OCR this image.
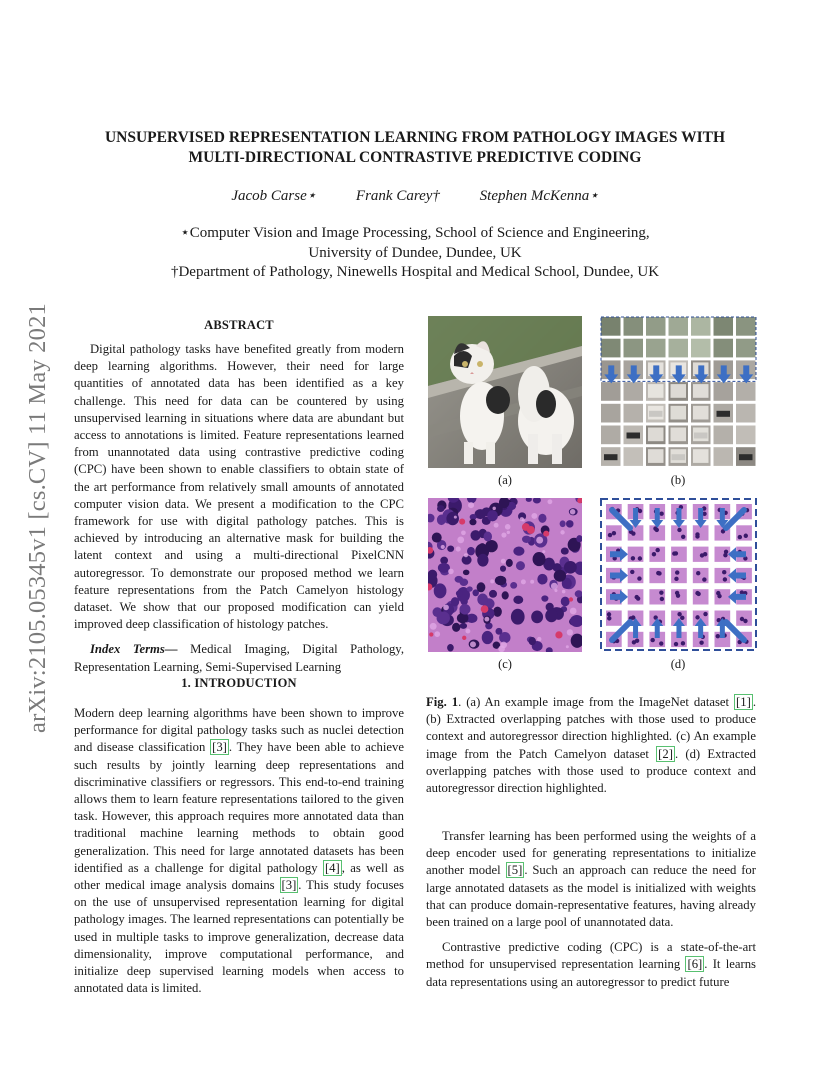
arXiv:2105.05345v1 [cs.CV] 11 May 2021
UNSUPERVISED REPRESENTATION LEARNING FROM PATHOLOGY IMAGES WITH
MULTI-DIRECTIONAL CONTRASTIVE PREDICTIVE CODING
Jacob Carse⋆	Frank Carey†	Stephen McKenna⋆
⋆Computer Vision and Image Processing, School of Science and Engineering,
University of Dundee, Dundee, UK
†Department of Pathology, Ninewells Hospital and Medical School, Dundee, UK
ABSTRACT

Digital pathology tasks have benefited greatly from modern deep learning algorithms. However, their need for large quantities of annotated data has been identified as a key challenge. This need for data can be countered by using unsupervised learning in situations where data are abundant but access to annotations is limited. Feature representations learned from unannotated data using contrastive predictive coding (CPC) have been shown to enable classifiers to obtain state of the art performance from relatively small amounts of annotated computer vision data. We present a modification to the CPC framework for use with digital pathology patches. This is achieved by introducing an alternative mask for building the latent context and using a multi-directional PixelCNN autoregressor. To demonstrate our proposed method we learn feature representations from the Patch Camelyon histology dataset. We show that our proposed modification can yield improved deep classification of histology patches.

Index Terms— Medical Imaging, Digital Pathology, Representation Learning, Semi-Supervised Learning

1. INTRODUCTION

Modern deep learning algorithms have been shown to improve performance for digital pathology tasks such as nuclei detection and disease classification [3] . They have been able to achieve such results by jointly learning deep representations and discriminative classifiers or regressors. This end-to-end training allows them to learn feature representations tailored to the given task. However, this approach requires more annotated data than traditional machine learning methods to obtain good generalization. This need for large annotated datasets has been identified as a challenge for digital pathology [4] , as well as other medical image analysis domains [3] . This study focuses on the use of unsupervised representation learning for digital pathology images. The learned representations can potentially be used in multiple tasks to improve generalization, decrease data dimensionality, improve computational performance, and initialize deep supervised learning models when access to annotated data is limited.

(a)	(b)
(c)	(d)

Fig. 1. (a) An example image from the ImageNet dataset [1] . (b) Extracted overlapping patches with those used to produce context and autoregressor direction highlighted. (c) An example image from the Patch Camelyon dataset [2] . (d) Extracted overlapping patches with those used to produce context and autoregressor direction highlighted.

Transfer learning has been performed using the weights of a deep encoder used for generating representations to initialize another model [5] . Such an approach can reduce the need for large annotated datasets as the model is initialized with weights that can produce domain-representative features, having already been trained on a large pool of unannotated data.

Contrastive predictive coding (CPC) is a state-of-the-art method for unsupervised representation learning [6] . It learns data representations using an autoregressor to predict future
